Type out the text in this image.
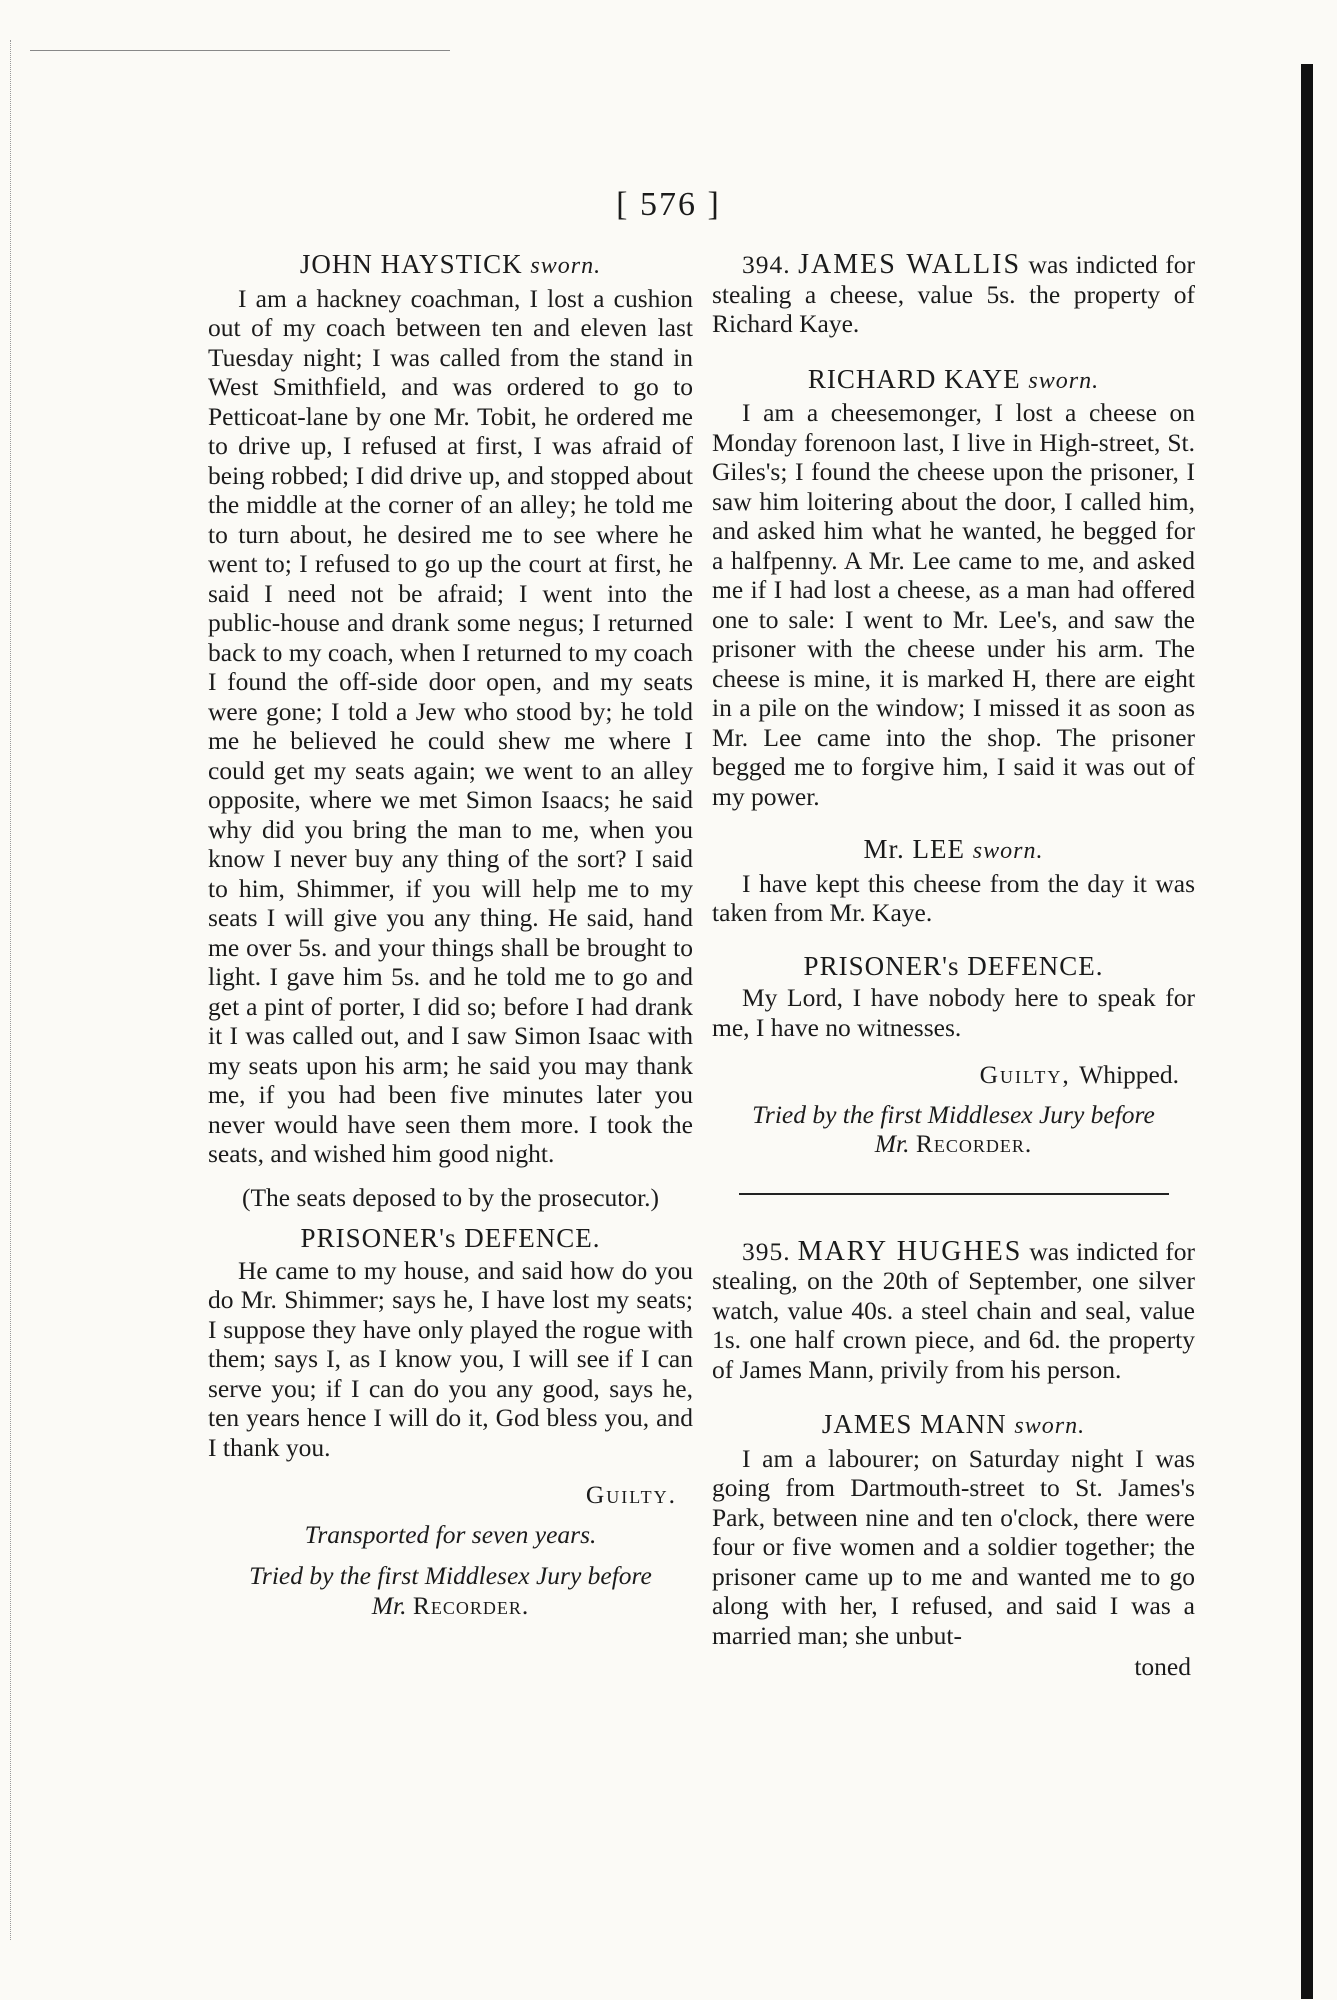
[ 576 ]
JOHN HAYSTICK sworn.

I am a hackney coachman, I lost a cushion out of my coach between ten and eleven last Tuesday night; I was called from the stand in West Smithfield, and was ordered to go to Petticoat-lane by one Mr. Tobit, he ordered me to drive up, I refused at first, I was afraid of being robbed; I did drive up, and stopped about the middle at the corner of an alley; he told me to turn about, he desired me to see where he went to; I refused to go up the court at first, he said I need not be afraid; I went into the public-house and drank some negus; I returned back to my coach, when I returned to my coach I found the off-side door open, and my seats were gone; I told a Jew who stood by; he told me he believed he could shew me where I could get my seats again; we went to an alley opposite, where we met Simon Isaacs; he said why did you bring the man to me, when you know I never buy any thing of the sort? I said to him, Shimmer, if you will help me to my seats I will give you any thing. He said, hand me over 5s. and your things shall be brought to light. I gave him 5s. and he told me to go and get a pint of porter, I did so; before I had drank it I was called out, and I saw Simon Isaac with my seats upon his arm; he said you may thank me, if you had been five minutes later you never would have seen them more. I took the seats, and wished him good night.

(The seats deposed to by the prosecutor.)

PRISONER's DEFENCE.

He came to my house, and said how do you do Mr. Shimmer; says he, I have lost my seats; I suppose they have only played the rogue with them; says I, as I know you, I will see if I can serve you; if I can do you any good, says he, ten years hence I will do it, God bless you, and I thank you.

Guilty.
Transported for seven years.

Tried by the first Middlesex Jury before
Mr. Recorder.

394. JAMES WALLIS was indicted for stealing a cheese, value 5s. the property of Richard Kaye.

RICHARD KAYE sworn.

I am a cheesemonger, I lost a cheese on Monday forenoon last, I live in High-street, St. Giles's; I found the cheese upon the prisoner, I saw him loitering about the door, I called him, and asked him what he wanted, he begged for a halfpenny. A Mr. Lee came to me, and asked me if I had lost a cheese, as a man had offered one to sale: I went to Mr. Lee's, and saw the prisoner with the cheese under his arm. The cheese is mine, it is marked H, there are eight in a pile on the window; I missed it as soon as Mr. Lee came into the shop. The prisoner begged me to forgive him, I said it was out of my power.

Mr. LEE sworn.

I have kept this cheese from the day it was taken from Mr. Kaye.

PRISONER's DEFENCE.

My Lord, I have nobody here to speak for me, I have no witnesses.

Guilty, Whipped.

Tried by the first Middlesex Jury before
Mr. Recorder.

395. MARY HUGHES was indicted for stealing, on the 20th of September, one silver watch, value 40s. a steel chain and seal, value 1s. one half crown piece, and 6d. the property of James Mann, privily from his person.

JAMES MANN sworn.

I am a labourer; on Saturday night I was going from Dartmouth-street to St. James's Park, between nine and ten o'clock, there were four or five women and a soldier together; the prisoner came up to me and wanted me to go along with her, I refused, and said I was a married man; she unbut-

toned
